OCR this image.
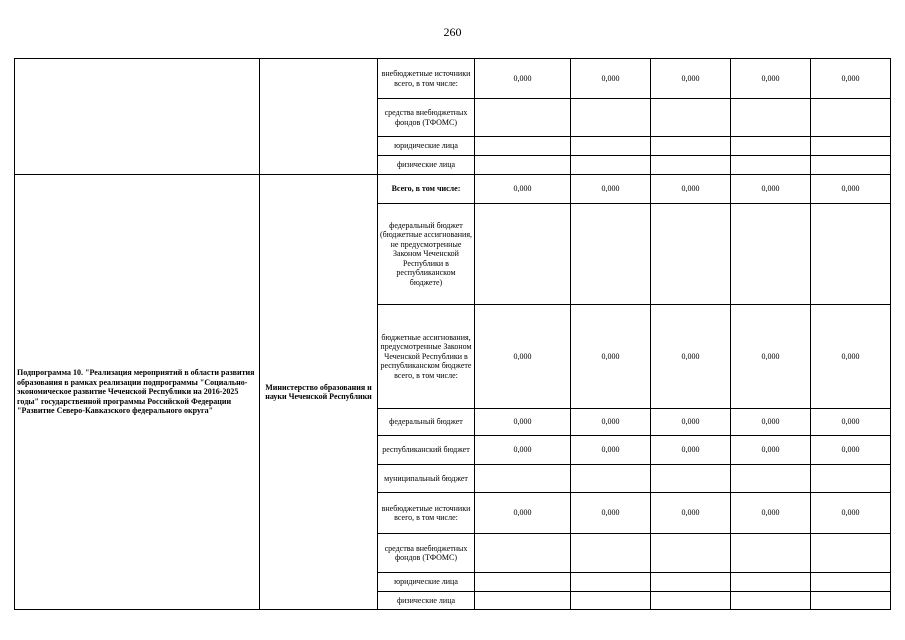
260
		внебюджетные источники всего, в том числе:	0,000	0,000	0,000	0,000	0,000
		средства внебюджетных фондов (ТФОМС)					
		юридические лица					
		физические лица					
Подпрограмма 10. "Реализация мероприятий в области развития образования в рамках реализации подпрограммы "Социально-экономическое развитие Чеченской Республики на 2016-2025 годы" государственной программы Российской Федерации "Развитие Северо-Кавказского федерального округа"	Министерство образования и науки Чеченской Республики	Всего, в том числе:	0,000	0,000	0,000	0,000	0,000
		федеральный бюджет (бюджетные ассигнования, не предусмотренные Законом Чеченской Республики в республиканском бюджете)					
		бюджетные ассигнования, предусмотренные Законом Чеченской Республики в республиканском бюджете всего, в том числе:	0,000	0,000	0,000	0,000	0,000
		федеральный бюджет	0,000	0,000	0,000	0,000	0,000
		республиканский бюджет	0,000	0,000	0,000	0,000	0,000
		муниципальный бюджет					
		внебюджетные источники всего, в том числе:	0,000	0,000	0,000	0,000	0,000
		средства внебюджетных фондов (ТФОМС)					
		юридические лица					
		физические лица					
